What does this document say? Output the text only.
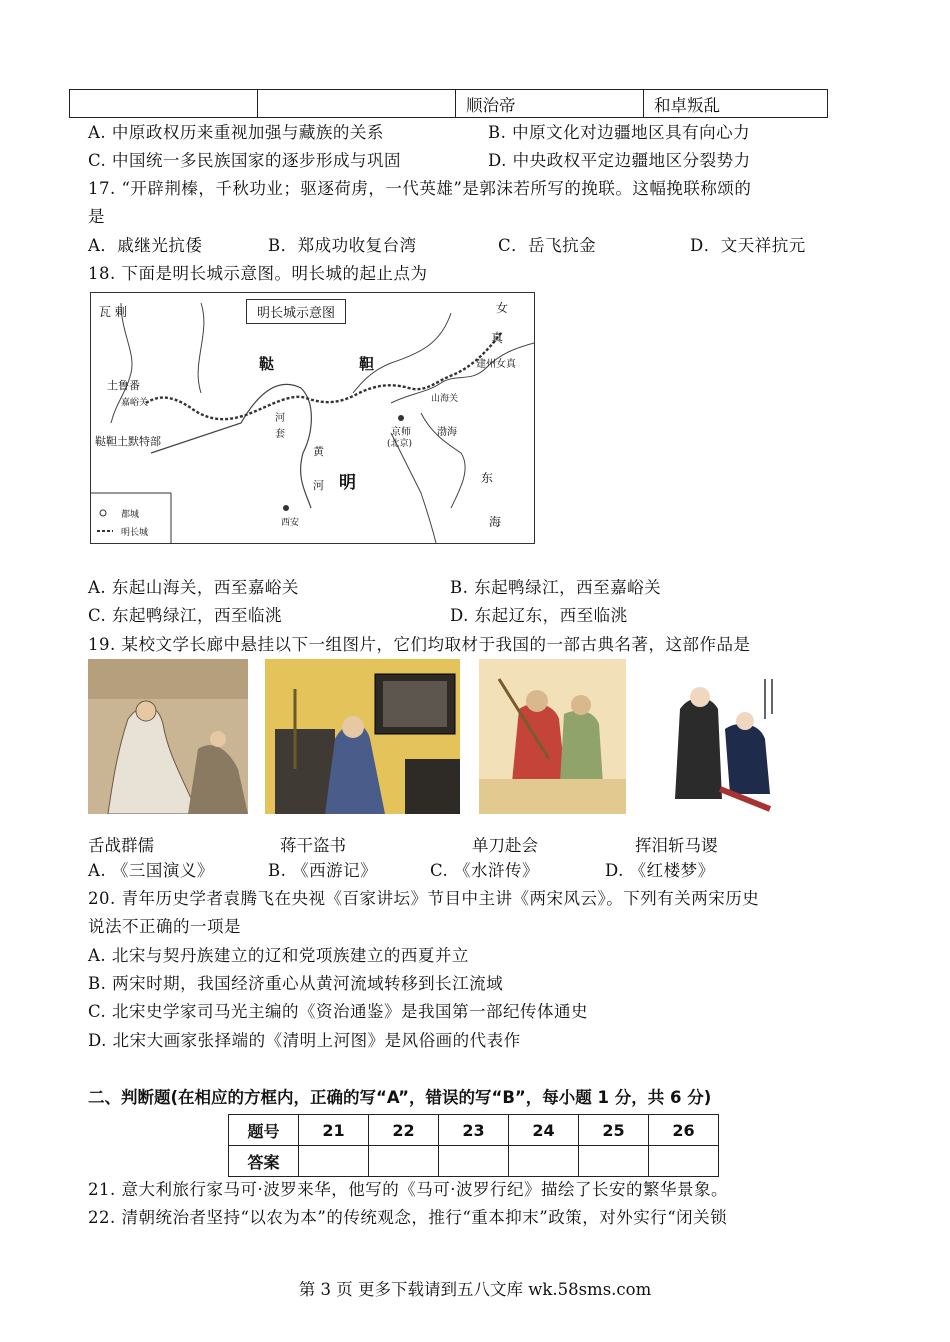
		顺治帝	和卓叛乱
A. 中原政权历来重视加强与藏族的关系	B. 中原文化对边疆地区具有向心力
C. 中国统一多民族国家的逐步形成与巩固	D. 中央政权平定边疆地区分裂势力
17. “开辟荆榛，千秋功业；驱逐荷虏，一代英雄”是郭沫若所写的挽联。这幅挽联称颂的
是
A．戚继光抗倭	B．郑成功收复台湾	C．岳飞抗金	D．文天祥抗元
18. 下面是明长城示意图。明长城的起止点为
明长城示意图
瓦 剌	女
真
建州女真
鞑	靼
土鲁番
嘉峪关
河
套	京师
(北京)
渤海
山海关
鞑靼土默特部
黄
河 明	东
海
西安
都城
明长城
A. 东起山海关，西至嘉峪关	B. 东起鸭绿江，西至嘉峪关
C. 东起鸭绿江，西至临洮	D. 东起辽东，西至临洮
19. 某校文学长廊中悬挂以下一组图片，它们均取材于我国的一部古典名著，这部作品是
舌战群儒	蒋干盗书	单刀赴会	挥泪斩马谡
A. 《三国演义》	B. 《西游记》	C. 《水浒传》	D. 《红楼梦》
20. 青年历史学者袁腾飞在央视《百家讲坛》节目中主讲《两宋风云》。下列有关两宋历史
说法不正确的一项是
A. 北宋与契丹族建立的辽和党项族建立的西夏并立
B. 两宋时期，我国经济重心从黄河流域转移到长江流域
C. 北宋史学家司马光主编的《资治通鉴》是我国第一部纪传体通史
D. 北宋大画家张择端的《清明上河图》是风俗画的代表作
二、判断题(在相应的方框内，正确的写“A”，错误的写“B”，每小题 1 分，共 6 分)
题号	21	22	23	24	25	26
答案						
21. 意大利旅行家马可·波罗来华，他写的《马可·波罗行纪》描绘了长安的繁华景象。
22. 清朝统治者坚持“以农为本”的传统观念，推行“重本抑末”政策，对外实行“闭关锁
第 3 页 更多下载请到五八文库 wk.58sms.com
